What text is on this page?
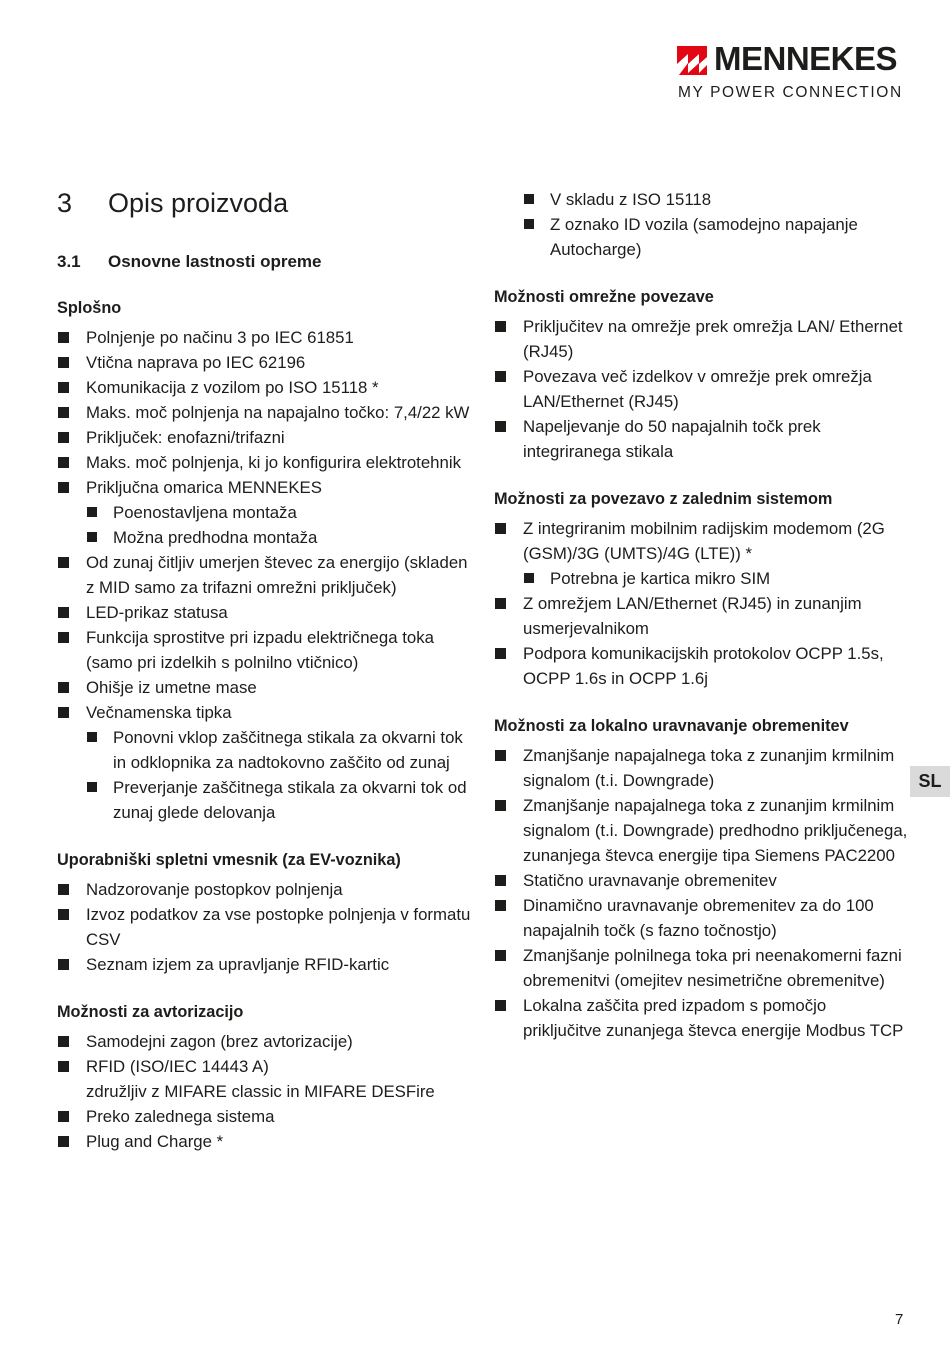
MENNEKES
MY POWER CONNECTION
3 Opis proizvoda
3.1 Osnovne lastnosti opreme
Splošno
Polnjenje po načinu 3 po IEC 61851
Vtična naprava po IEC 62196
Komunikacija z vozilom po ISO 15118 *
Maks. moč polnjenja na napajalno točko: 7,4/22 kW
Priključek: enofazni/trifazni
Maks. moč polnjenja, ki jo konfigurira elektrotehnik
Priključna omarica MENNEKES
Poenostavljena montaža
Možna predhodna montaža
Od zunaj čitljiv umerjen števec za energijo (skladen z MID samo za trifazni omrežni priključek)
LED-prikaz statusa
Funkcija sprostitve pri izpadu električnega toka (samo pri izdelkih s polnilno vtičnico)
Ohišje iz umetne mase
Večnamenska tipka
Ponovni vklop zaščitnega stikala za okvarni tok in odklopnika za nadtokovno zaščito od zunaj
Preverjanje zaščitnega stikala za okvarni tok od zunaj glede delovanja
Uporabniški spletni vmesnik (za EV-voznika)
Nadzorovanje postopkov polnjenja
Izvoz podatkov za vse postopke polnjenja v formatu CSV
Seznam izjem za upravljanje RFID-kartic
Možnosti za avtorizacijo
Samodejni zagon (brez avtorizacije)
RFID (ISO/IEC 14443 A)
združljiv z MIFARE classic in MIFARE DESFire
Preko zalednega sistema
Plug and Charge *
V skladu z ISO 15118
Z oznako ID vozila (samodejno napajanje Autocharge)
Možnosti omrežne povezave
Priključitev na omrežje prek omrežja LAN/ Ethernet (RJ45)
Povezava več izdelkov v omrežje prek omrežja LAN/Ethernet (RJ45)
Napeljevanje do 50 napajalnih točk prek integriranega stikala
Možnosti za povezavo z zalednim sistemom
Z integriranim mobilnim radijskim modemom (2G (GSM)/3G (UMTS)/4G (LTE)) *
Potrebna je kartica mikro SIM
Z omrežjem LAN/Ethernet (RJ45) in zunanjim usmerjevalnikom
Podpora komunikacijskih protokolov OCPP 1.5s, OCPP 1.6s in OCPP 1.6j
Možnosti za lokalno uravnavanje obremenitev
Zmanjšanje napajalnega toka z zunanjim krmilnim signalom (t.i. Downgrade)
Zmanjšanje napajalnega toka z zunanjim krmilnim signalom (t.i. Downgrade) predhodno priključenega, zunanjega števca energije tipa Siemens PAC2200
Statično uravnavanje obremenitev
Dinamično uravnavanje obremenitev za do 100 napajalnih točk (s fazno točnostjo)
Zmanjšanje polnilnega toka pri neenakomerni fazni obremenitvi (omejitev nesimetrične obremenitve)
Lokalna zaščita pred izpadom s pomočjo priključitve zunanjega števca energije Modbus TCP
SL
7
